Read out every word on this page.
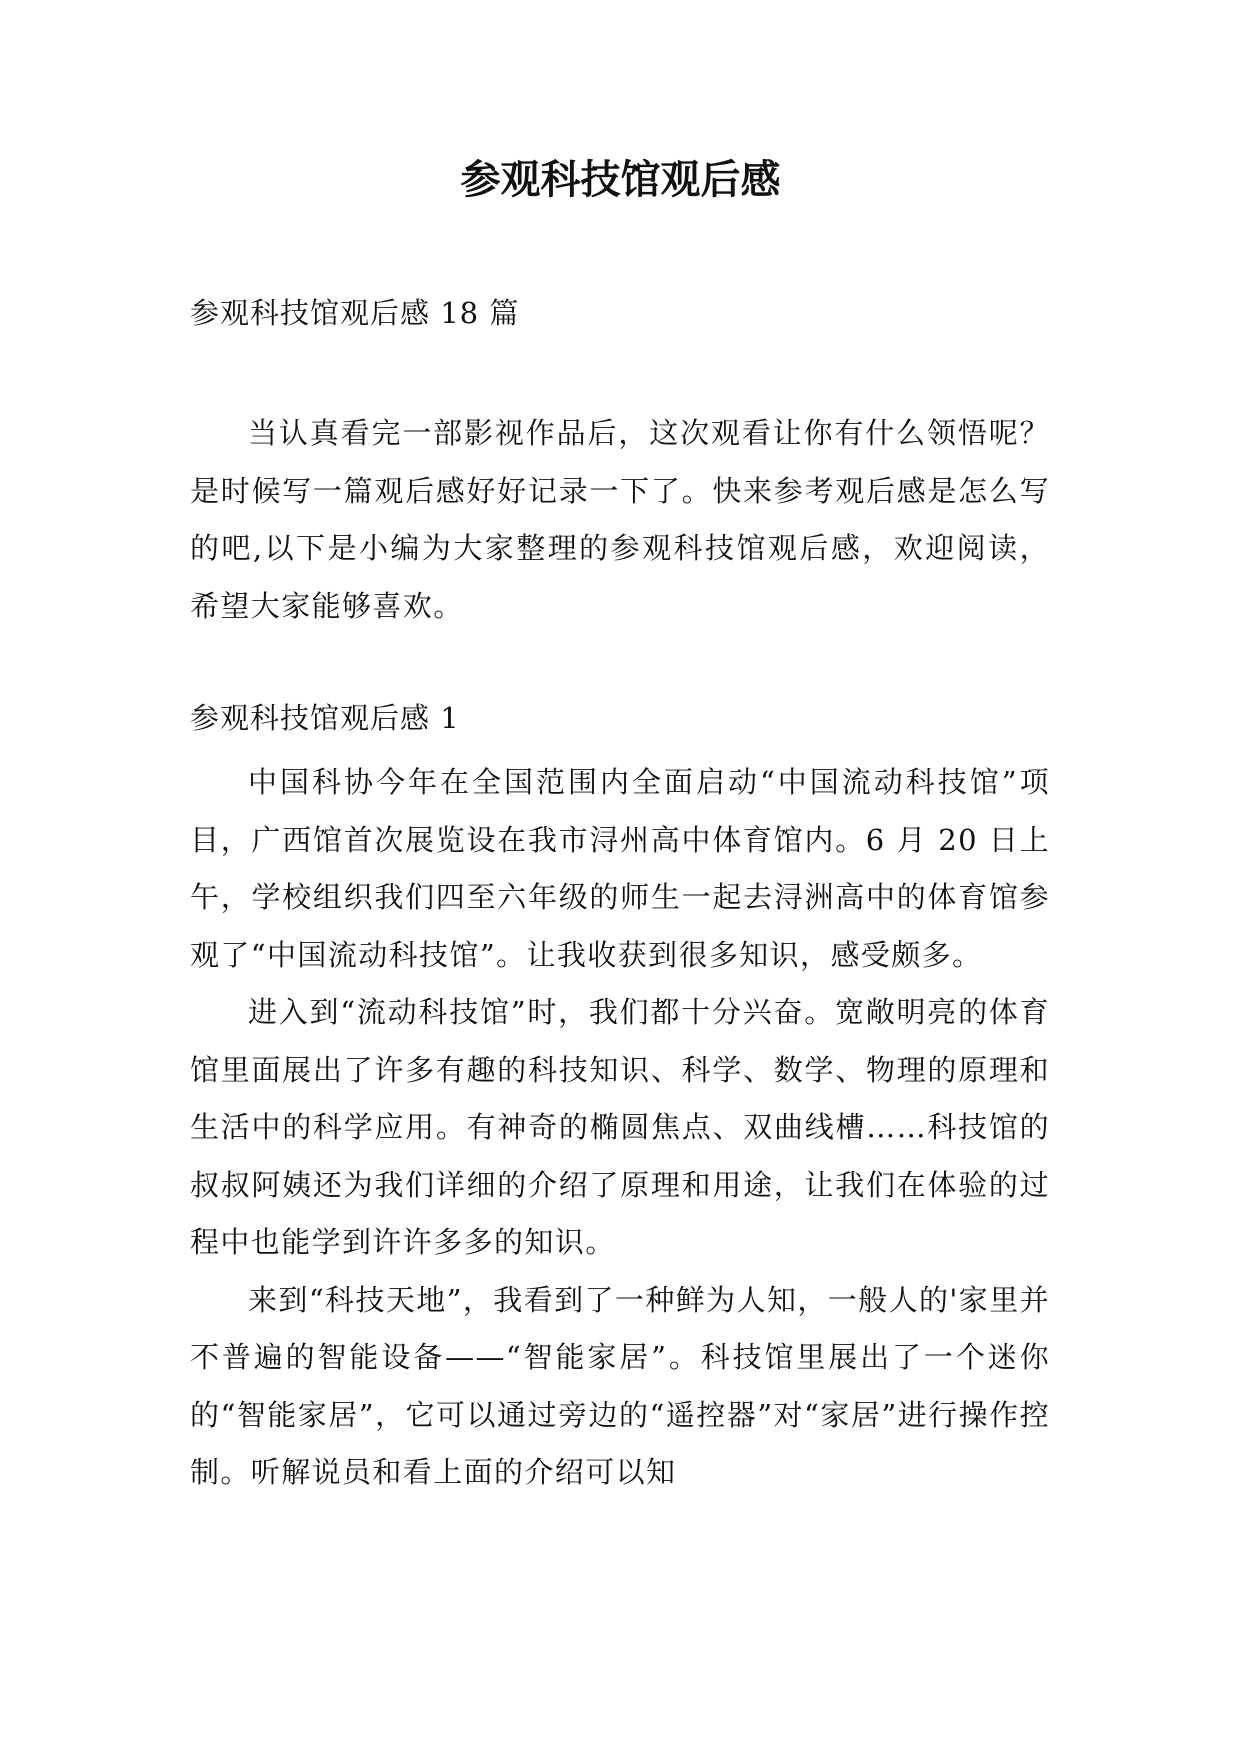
参观科技馆观后感
参观科技馆观后感 18 篇

当认真看完一部影视作品后，这次观看让你有什么领悟呢？是时候写一篇观后感好好记录一下了。快来参考观后感是怎么写的吧,以下是小编为大家整理的参观科技馆观后感，欢迎阅读，希望大家能够喜欢。

参观科技馆观后感 1

中国科协今年在全国范围内全面启动“中国流动科技馆”项目，广西馆首次展览设在我市浔州高中体育馆内。6 月 20 日上午，学校组织我们四至六年级的师生一起去浔洲高中的体育馆参观了“中国流动科技馆”。让我收获到很多知识，感受颇多。

进入到“流动科技馆”时，我们都十分兴奋。宽敞明亮的体育馆里面展出了许多有趣的科技知识、科学、数学、物理的原理和生活中的科学应用。有神奇的椭圆焦点、双曲线槽……科技馆的叔叔阿姨还为我们详细的介绍了原理和用途，让我们在体验的过程中也能学到许许多多的知识。

来到“科技天地”，我看到了一种鲜为人知，一般人的'家里并不普遍的智能设备——“智能家居”。科技馆里展出了一个迷你的“智能家居”，它可以通过旁边的“遥控器”对“家居”进行操作控制。听解说员和看上面的介绍可以知
